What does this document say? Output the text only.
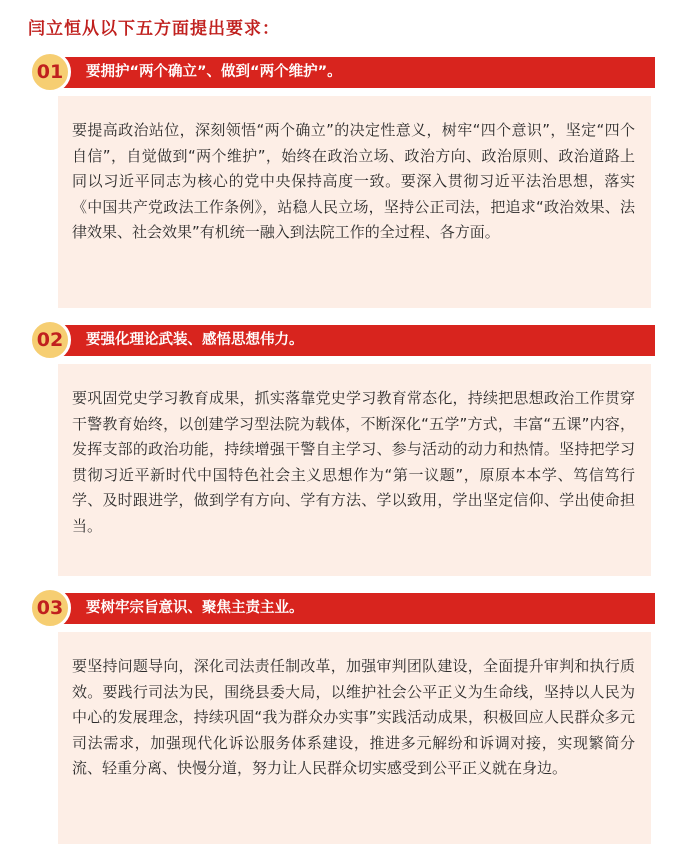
闫立恒从以下五方面提出要求：
要拥护“两个确立”、做到“两个维护”。
01

要提高政治站位，深刻领悟“两个确立”的决定性意义，树牢“四个意识”，坚定“四个自信”，自觉做到“两个维护”，始终在政治立场、政治方向、政治原则、政治道路上同以习近平同志为核心的党中央保持高度一致。要深入贯彻习近平法治思想，落实《中国共产党政法工作条例》，站稳人民立场，坚持公正司法，把追求“政治效果、法律效果、社会效果”有机统一融入到法院工作的全过程、各方面。

要强化理论武装、感悟思想伟力。
02

要巩固党史学习教育成果，抓实落靠党史学习教育常态化，持续把思想政治工作贯穿干警教育始终，以创建学习型法院为载体，不断深化“五学”方式，丰富“五课”内容，发挥支部的政治功能，持续增强干警自主学习、参与活动的动力和热情。坚持把学习贯彻习近平新时代中国特色社会主义思想作为“第一议题”，原原本本学、笃信笃行学、及时跟进学，做到学有方向、学有方法、学以致用，学出坚定信仰、学出使命担当。

要树牢宗旨意识、聚焦主责主业。
03

要坚持问题导向，深化司法责任制改革，加强审判团队建设，全面提升审判和执行质效。要践行司法为民，围绕县委大局，以维护社会公平正义为生命线，坚持以人民为中心的发展理念，持续巩固“我为群众办实事”实践活动成果，积极回应人民群众多元司法需求，加强现代化诉讼服务体系建设，推进多元解纷和诉调对接，实现繁简分流、轻重分离、快慢分道，努力让人民群众切实感受到公平正义就在身边。
